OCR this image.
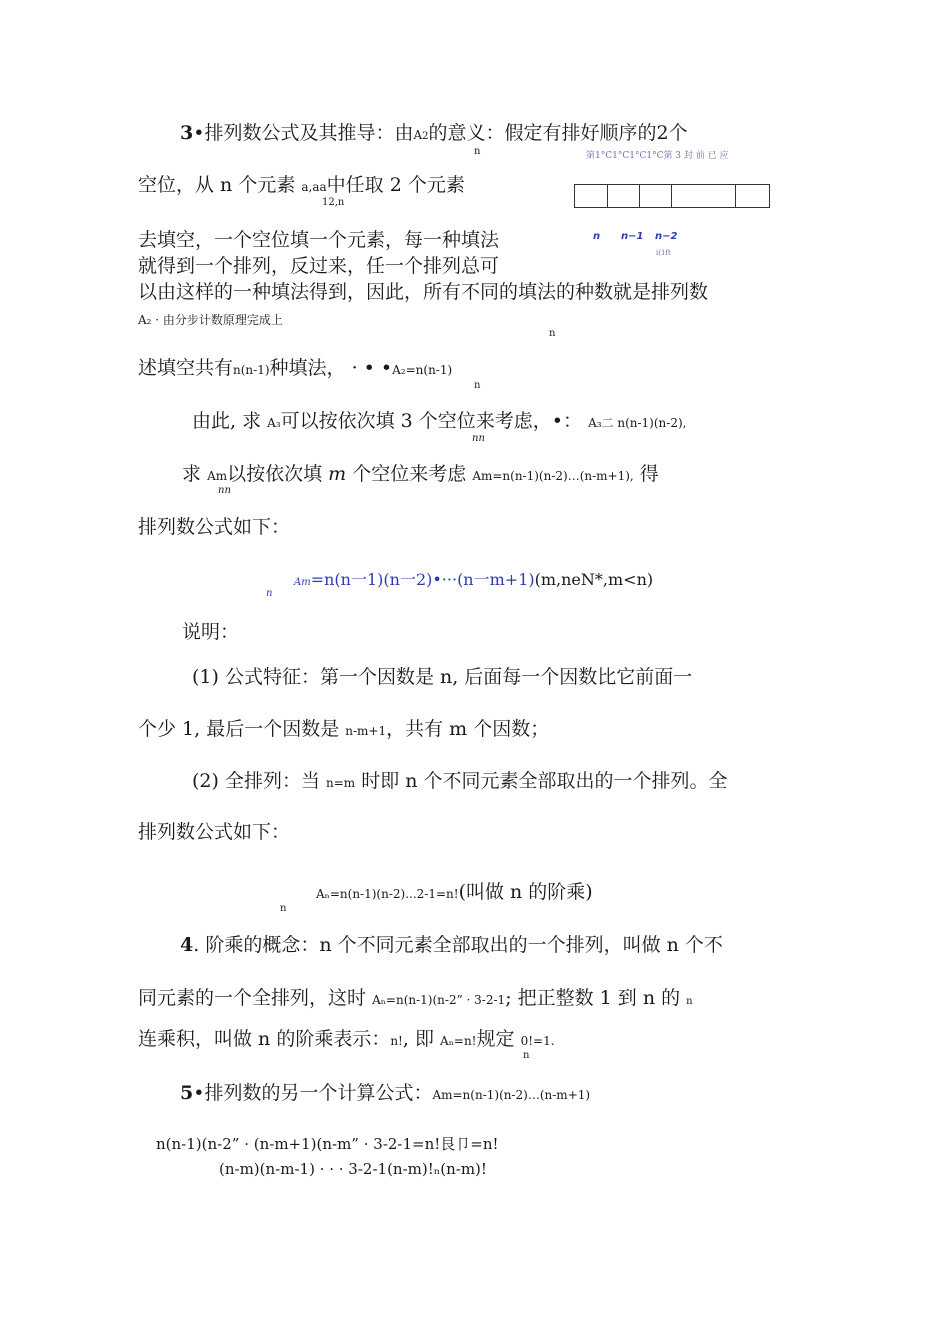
3•排列数公式及其推导：由A2的意义：假定有排好顺序的2个
n	第1°C1°C1°C1°C第 3 封 前 已 应
空位，从 n 个元素 a,aa中任取 2 个元素
12,n
n n−1 n−2
i(1ft
去填空，一个空位填一个元素，每一种填法
就得到一个排列，反过来，任一个排列总可
以由这样的一种填法得到，因此，所有不同的填法的种数就是排列数
A₂ · 由分步计数原理完成上
n
述填空共有n(n-1)种填法， · • •A₂=n(n-1)
n
由此, 求 A₃可以按依次填 3 个空位来考虑，•： A₃二 n(n-1)(n-2),
nn
求 Am以按依次填 m 个空位来考虑 Am=n(n-1)(n-2)…(n-m+1), 得
nn
排列数公式如下：
Am=n(n一1)(n一2)•···(n一m+1)(m,neN*,m<n)
n
说明：
(1) 公式特征：第一个因数是 n, 后面每一个因数比它前面一
个少 1, 最后一个因数是 n-m+1，共有 m 个因数；
(2) 全排列：当 n=m 时即 n 个不同元素全部取出的一个排列。全
排列数公式如下：
Aₙ=n(n-1)(n-2)...2-1=n!(叫做 n 的阶乘)
n
4. 阶乘的概念：n 个不同元素全部取出的一个排列，叫做 n 个不
同元素的一个全排列，这时 Aₙ=n(n-1)(n-2” · 3-2-1; 把正整数 1 到 n 的 n
连乘积，叫做 n 的阶乘表示：n!, 即 Aₙ=n!规定 0!=1.
n
5•排列数的另一个计算公式：Am=n(n-1)(n-2)…(n-m+1)
n(n-1)(n-2” · (n-m+1)(n-m” · 3-2-1=n!艮卩=n!
(n-m)(n-m-1) · · · 3-2-1(n-m)!ₙ(n-m)!
